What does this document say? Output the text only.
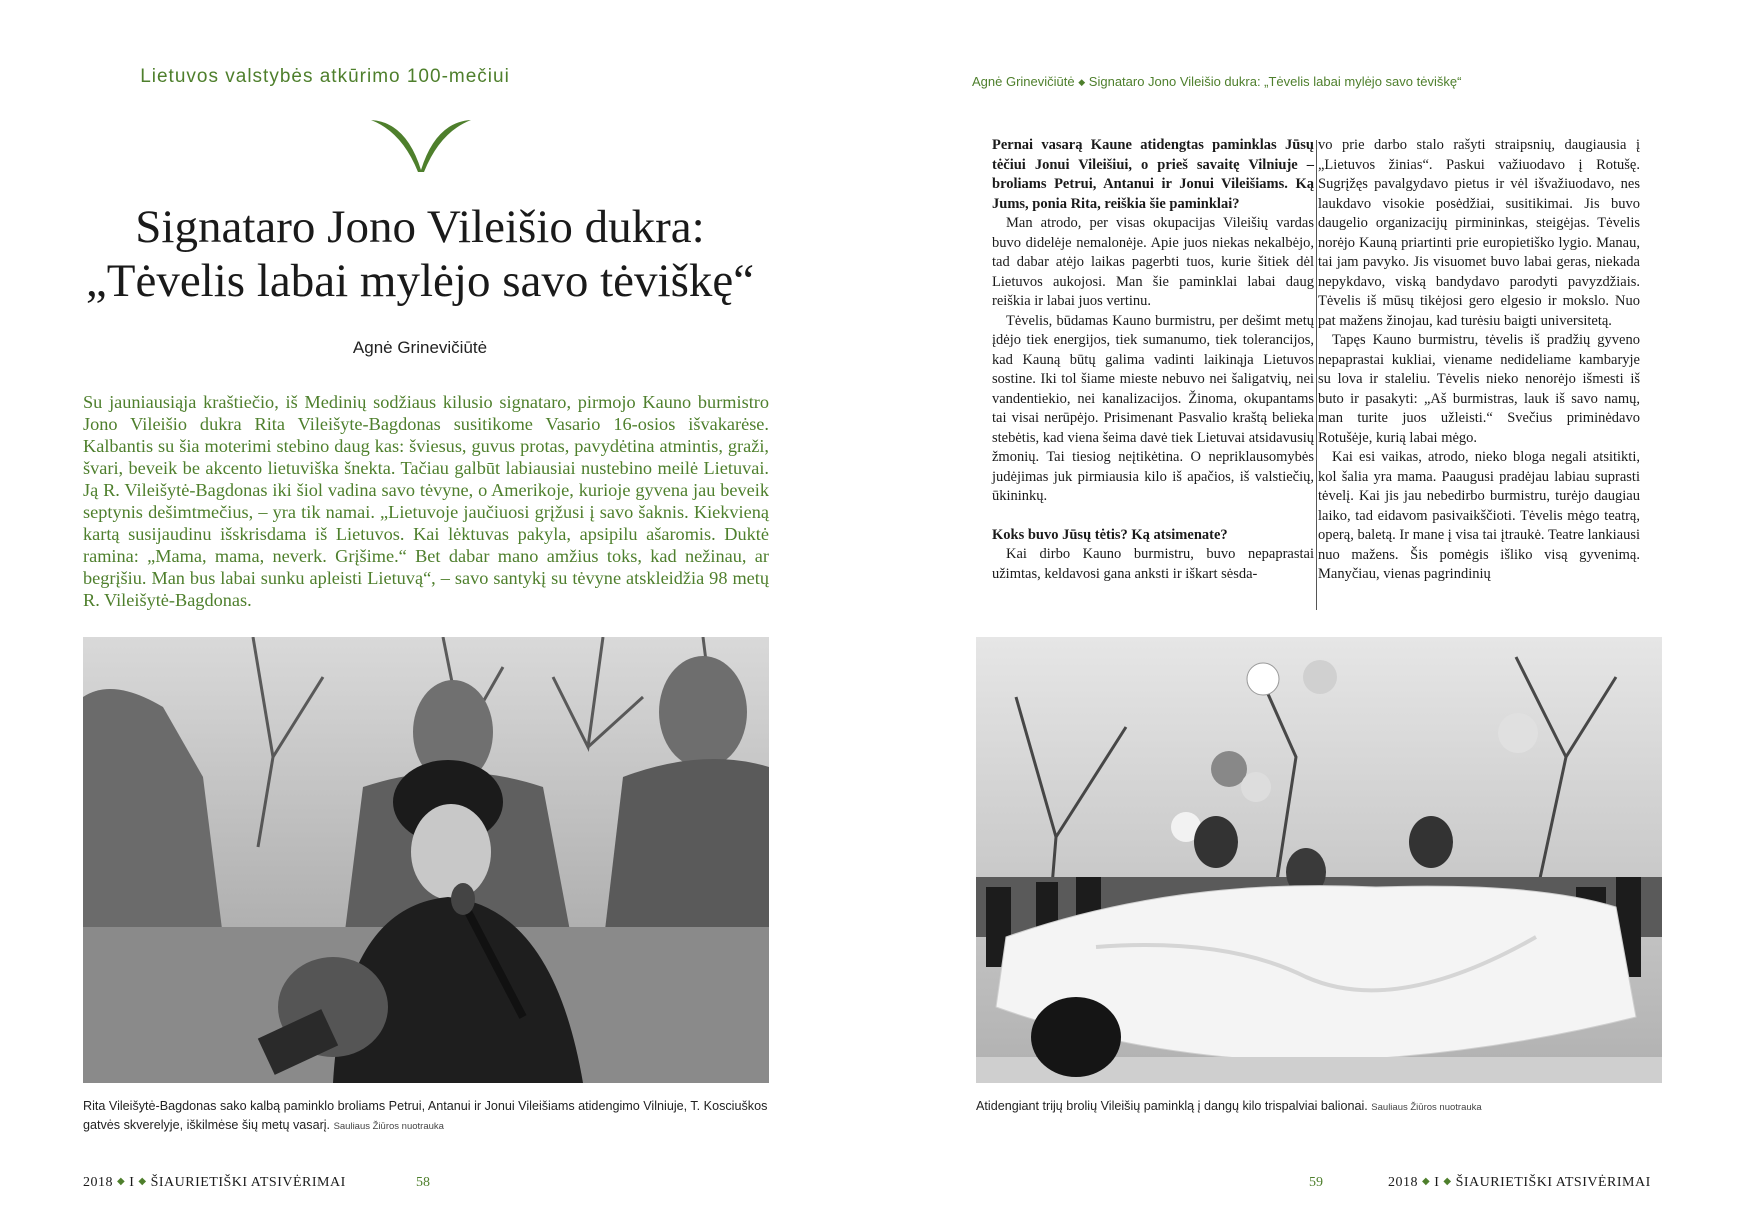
Lietuvos valstybės atkūrimo 100-mečiui
Signataro Jono Vileišio dukra:
„Tėvelis labai mylėjo savo tėviškę“
Agnė Grinevičiūtė

Su jauniausiąja kraštiečio, iš Medinių sodžiaus kilusio signataro, pirmojo Kauno burmistro Jono Vileišio dukra Rita Vileišyte-Bagdonas susitikome Vasario 16-osios išvakarėse. Kalbantis su šia moterimi stebino daug kas: šviesus, guvus protas, pavydėtina atmintis, graži, švari, beveik be akcento lietuviška šnekta. Tačiau galbūt labiausiai nustebino meilė Lietuvai. Ją R. Vileišytė-Bagdonas iki šiol vadina savo tėvyne, o Amerikoje, kurioje gyvena jau beveik septynis dešimtmečius, – yra tik namai. „Lietuvoje jaučiuosi grįžusi į savo šaknis. Kiekvieną kartą susijaudinu išskrisdama iš Lietuvos. Kai lėktuvas pakyla, apsipilu ašaromis. Duktė ramina: „Mama, mama, neverk. Grįšime.“ Bet dabar mano amžius toks, kad nežinau, ar begrįšiu. Man bus labai sunku apleisti Lietuvą“, – savo santykį su tėvyne atskleidžia 98 metų R. Vileišytė-Bagdonas.

Rita Vileišytė-Bagdonas sako kalbą paminklo broliams Petrui, Antanui ir Jonui Vileišiams atidengimo Vilniuje, T. Kosciuškos gatvės skverelyje, iškilmėse šių metų vasarį. Sauliaus Žiūros nuotrauka
2018 ◆ I ◆ ŠIAURIETIŠKI ATSIVĖRIMAI	58
Agnė Grinevičiūtė ◆ Signataro Jono Vileišio dukra: „Tėvelis labai mylėjo savo tėviškę“

Pernai vasarą Kaune atidengtas paminklas Jūsų tėčiui Jonui Vileišiui, o prieš savaitę Vilniuje – broliams Petrui, Antanui ir Jonui Vileišiams. Ką Jums, ponia Rita, reiškia šie paminklai?

Man atrodo, per visas okupacijas Vileišių vardas buvo didelėje nemalonėje. Apie juos niekas nekalbėjo, tad dabar atėjo laikas pagerbti tuos, kurie šitiek dėl Lietuvos aukojosi. Man šie paminklai labai daug reiškia ir labai juos vertinu.

Tėvelis, būdamas Kauno burmistru, per dešimt metų įdėjo tiek energijos, tiek sumanumo, tiek tolerancijos, kad Kauną būtų galima vadinti laikinąja Lietuvos sostine. Iki tol šiame mieste nebuvo nei šaligatvių, nei vandentiekio, nei kanalizacijos. Žinoma, okupantams tai visai nerūpėjo. Prisimenant Pasvalio kraštą belieka stebėtis, kad viena šeima davė tiek Lietuvai atsidavusių žmonių. Tai tiesiog neįtikėtina. O nepriklausomybės judėjimas juk pirmiausia kilo iš apačios, iš valstiečių, ūkininkų.

Koks buvo Jūsų tėtis? Ką atsimenate?

Kai dirbo Kauno burmistru, buvo nepaprastai užimtas, keldavosi gana anksti ir iškart sėsda-

vo prie darbo stalo rašyti straipsnių, daugiausia į „Lietuvos žinias“. Paskui važiuodavo į Rotušę. Sugrįžęs pavalgydavo pietus ir vėl išvažiuodavo, nes laukdavo visokie posėdžiai, susitikimai. Jis buvo daugelio organizacijų pirmininkas, steigėjas. Tėvelis norėjo Kauną priartinti prie europietiško lygio. Manau, tai jam pavyko. Jis visuomet buvo labai geras, niekada nepykdavo, viską bandydavo parodyti pavyzdžiais. Tėvelis iš mūsų tikėjosi gero elgesio ir mokslo. Nuo pat mažens žinojau, kad turėsiu baigti universitetą.

Tapęs Kauno burmistru, tėvelis iš pradžių gyveno nepaprastai kukliai, viename nedideliame kambaryje su lova ir staleliu. Tėvelis nieko nenorėjo išmesti iš buto ir pasakyti: „Aš burmistras, lauk iš savo namų, man turite juos užleisti.“ Svečius priminėdavo Rotušėje, kurią labai mėgo.

Kai esi vaikas, atrodo, nieko bloga negali atsitikti, kol šalia yra mama. Paaugusi pradėjau labiau suprasti tėvelį. Kai jis jau nebedirbo burmistru, turėjo daugiau laiko, tad eidavom pasivaikščioti. Tėvelis mėgo teatrą, operą, baletą. Ir mane į visa tai įtraukė. Teatre lankiausi nuo mažens. Šis pomėgis išliko visą gyvenimą. Manyčiau, vienas pagrindinių

Atidengiant trijų brolių Vileišių paminklą į dangų kilo trispalviai balionai. Sauliaus Žiūros nuotrauka
59	2018 ◆ I ◆ ŠIAURIETIŠKI ATSIVĖRIMAI
